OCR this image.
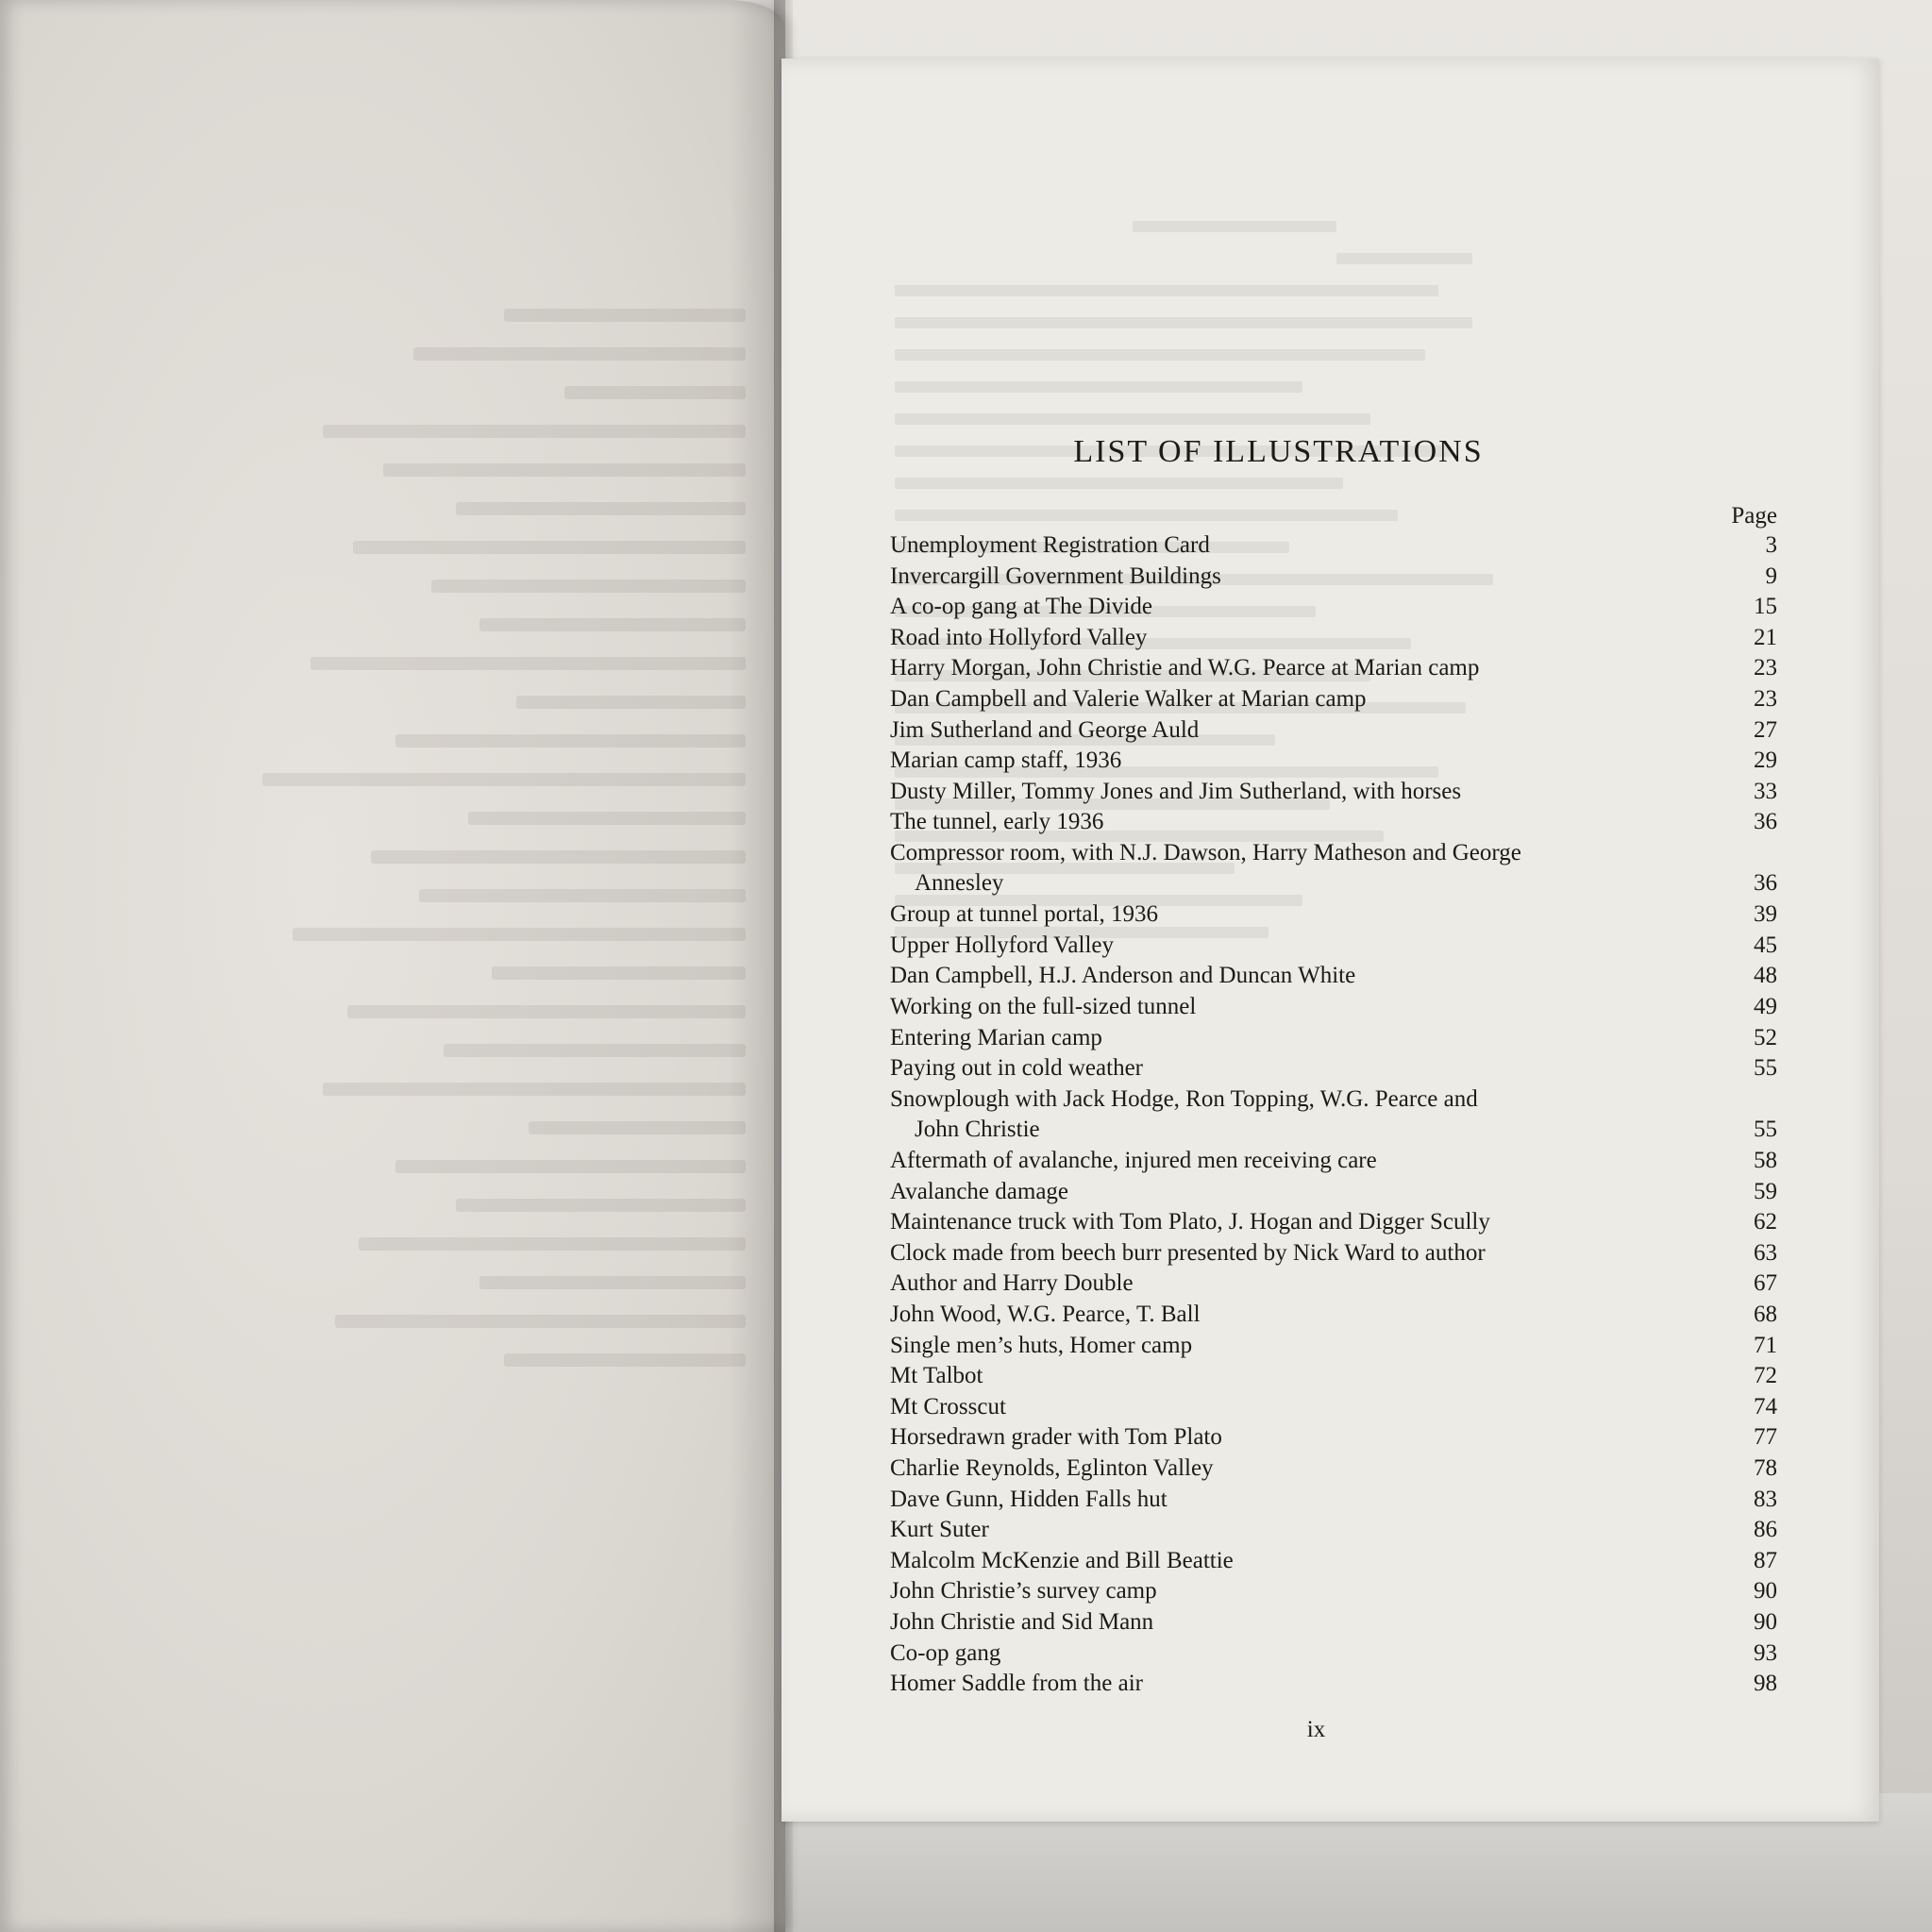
LIST OF ILLUSTRATIONS
Page
Unemployment Registration Card	3
Invercargill Government Buildings	9
A co-op gang at The Divide	15
Road into Hollyford Valley	21
Harry Morgan, John Christie and W.G. Pearce at Marian camp	23
Dan Campbell and Valerie Walker at Marian camp	23
Jim Sutherland and George Auld	27
Marian camp staff, 1936	29
Dusty Miller, Tommy Jones and Jim Sutherland, with horses	33
The tunnel, early 1936	36
Compressor room, with N.J. Dawson, Harry Matheson and George
Annesley	36
Group at tunnel portal, 1936	39
Upper Hollyford Valley	45
Dan Campbell, H.J. Anderson and Duncan White	48
Working on the full-sized tunnel	49
Entering Marian camp	52
Paying out in cold weather	55
Snowplough with Jack Hodge, Ron Topping, W.G. Pearce and
John Christie	55
Aftermath of avalanche, injured men receiving care	58
Avalanche damage	59
Maintenance truck with Tom Plato, J. Hogan and Digger Scully	62
Clock made from beech burr presented by Nick Ward to author	63
Author and Harry Double	67
John Wood, W.G. Pearce, T. Ball	68
Single men’s huts, Homer camp	71
Mt Talbot	72
Mt Crosscut	74
Horsedrawn grader with Tom Plato	77
Charlie Reynolds, Eglinton Valley	78
Dave Gunn, Hidden Falls hut	83
Kurt Suter	86
Malcolm McKenzie and Bill Beattie	87
John Christie’s survey camp	90
John Christie and Sid Mann	90
Co-op gang	93
Homer Saddle from the air	98
ix
